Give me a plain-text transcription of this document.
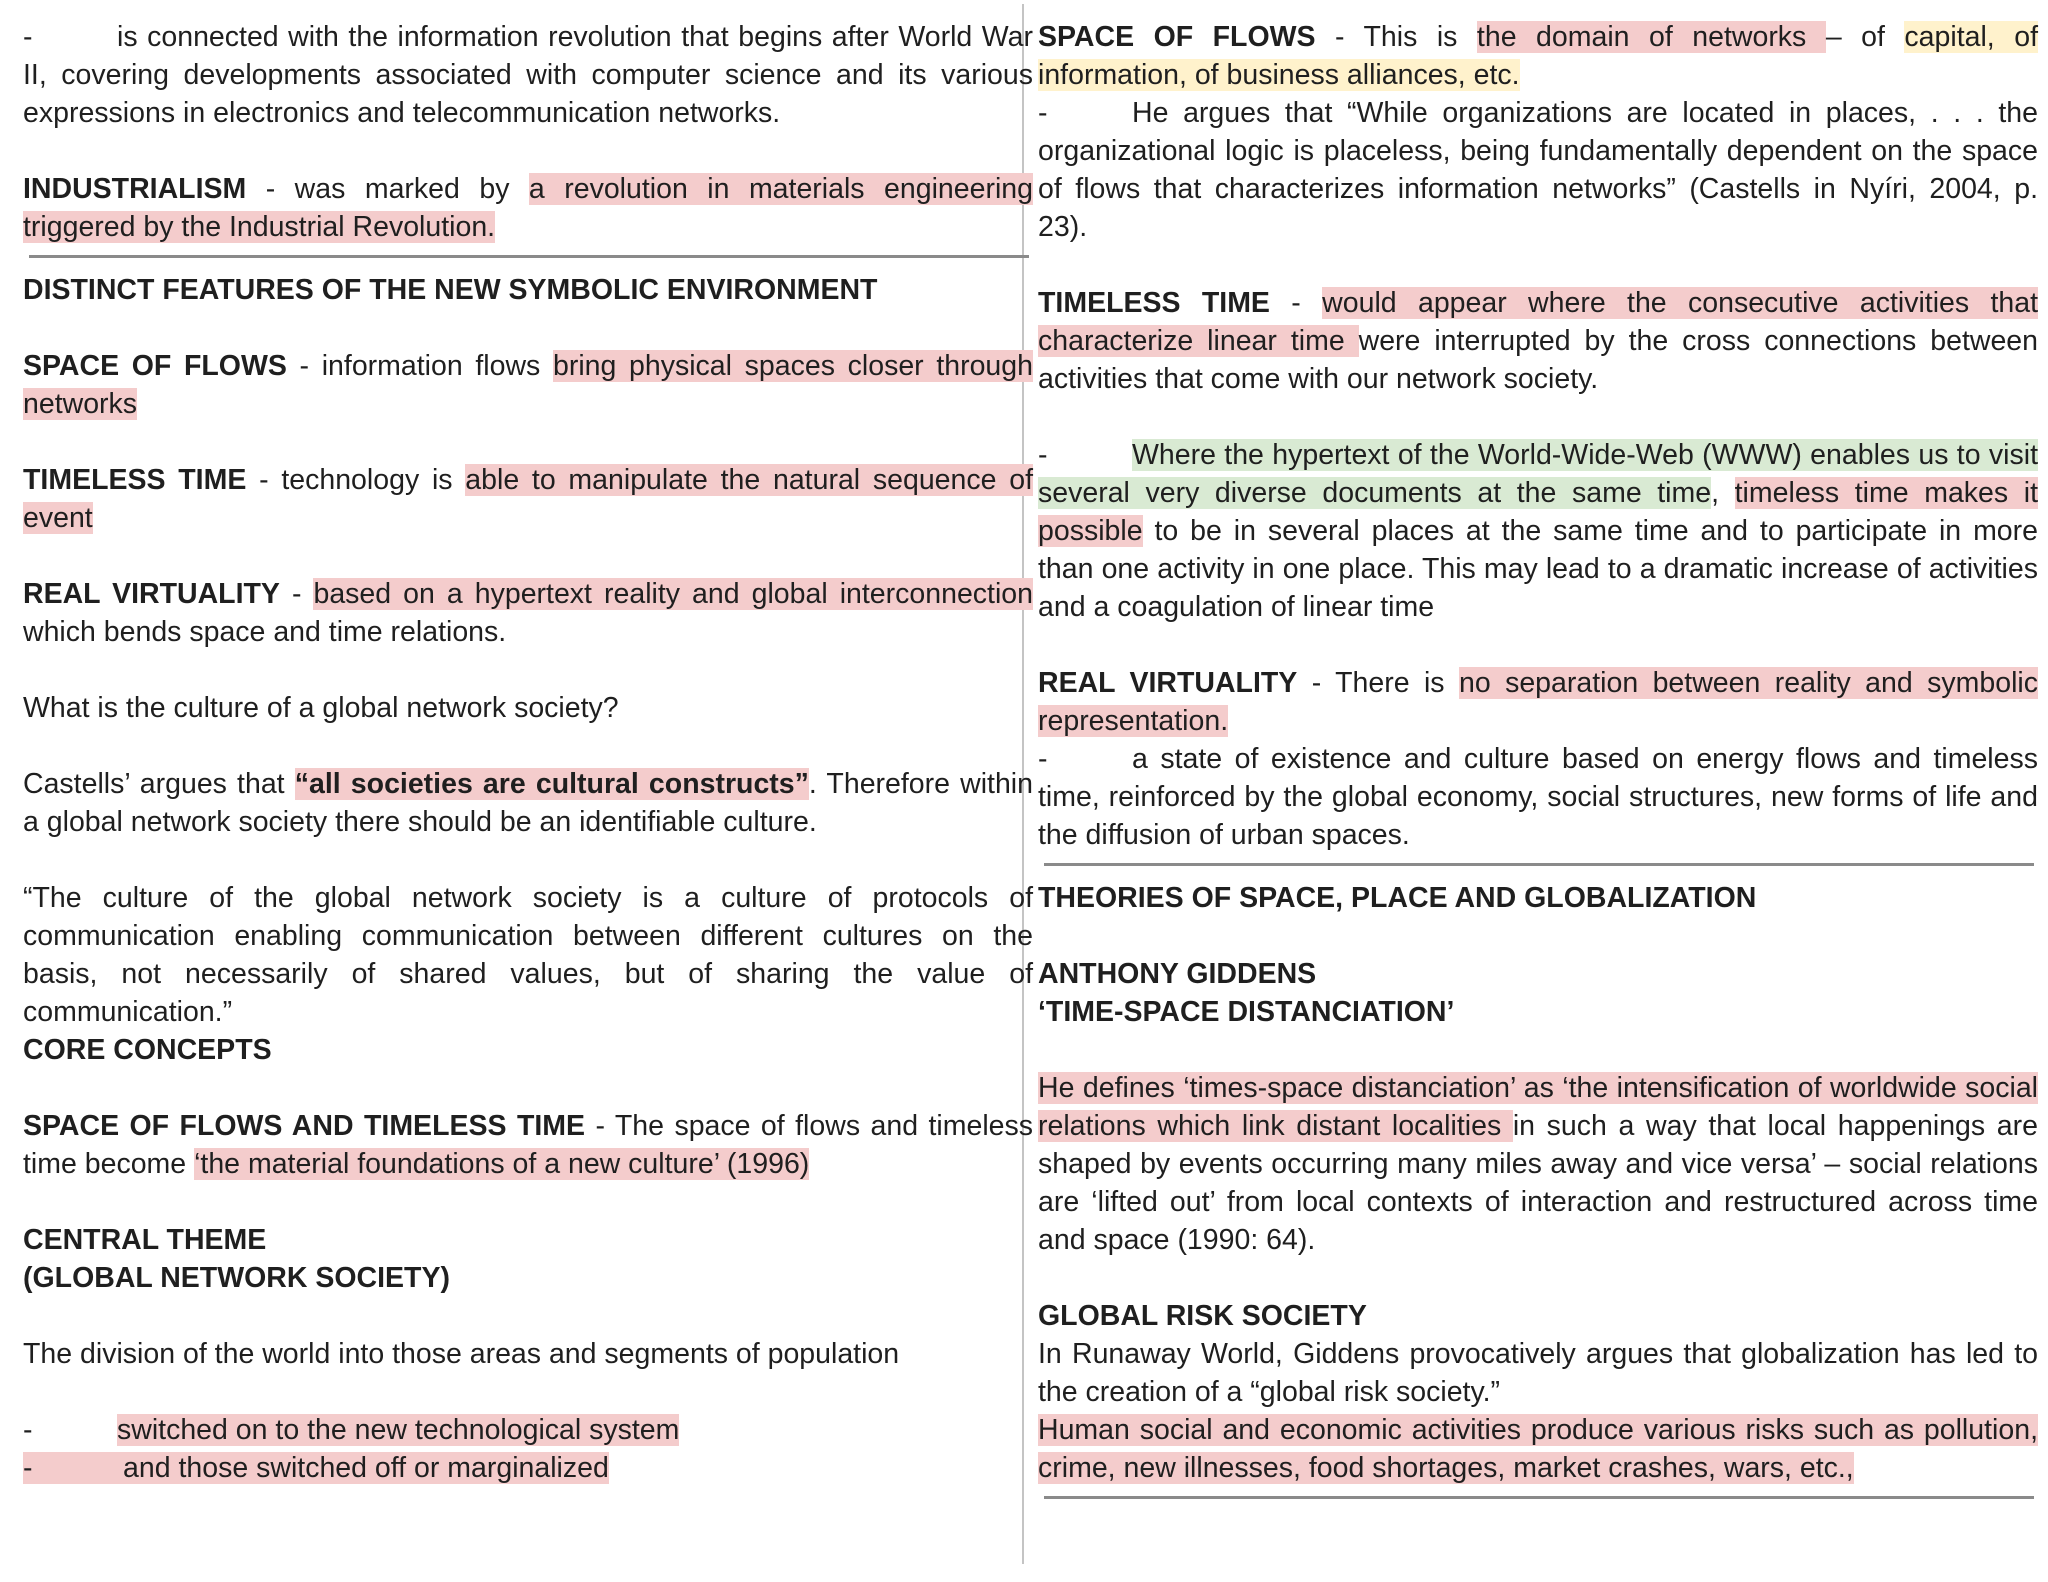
-	is connected with the information revolution that begins after World War II, covering developments associated with computer science and its various expressions in electronics and telecommunication networks.

INDUSTRIALISM - was marked by a revolution in materials engineering triggered by the Industrial Revolution.

DISTINCT FEATURES OF THE NEW SYMBOLIC ENVIRONMENT

SPACE OF FLOWS - information flows bring physical spaces closer through networks

TIMELESS TIME - technology is able to manipulate the natural sequence of event

REAL VIRTUALITY - based on a hypertext reality and global interconnection which bends space and time relations.

What is the culture of a global network society?

Castells’ argues that “all societies are cultural constructs”. Therefore within a global network society there should be an identifiable culture.

“The culture of the global network society is a culture of protocols of communication enabling communication between different cultures on the basis, not necessarily of shared values, but of sharing the value of communication.”

CORE CONCEPTS

SPACE OF FLOWS AND TIMELESS TIME - The space of flows and timeless time become ‘the material foundations of a new culture’ (1996)

CENTRAL THEME

(GLOBAL NETWORK SOCIETY)

The division of the world into those areas and segments of population

-	switched on to the new technological system

-	and those switched off or marginalized

SPACE OF FLOWS - This is the domain of networks – of capital, of information, of business alliances, etc.

-	He argues that “While organizations are located in places, . . . the organizational logic is placeless, being fundamentally dependent on the space of flows that characterizes information networks” (Castells in Nyíri, 2004, p. 23).

TIMELESS TIME - would appear where the consecutive activities that characterize linear time were interrupted by the cross connections between activities that come with our network society.

-	Where the hypertext of the World-Wide-Web (WWW) enables us to visit several very diverse documents at the same time, timeless time makes it possible to be in several places at the same time and to participate in more than one activity in one place. This may lead to a dramatic increase of activities and a coagulation of linear time

REAL VIRTUALITY - There is no separation between reality and symbolic representation.

-	a state of existence and culture based on energy flows and timeless time, reinforced by the global economy, social structures, new forms of life and the diffusion of urban spaces.

THEORIES OF SPACE, PLACE AND GLOBALIZATION

ANTHONY GIDDENS

‘TIME-SPACE DISTANCIATION’

He defines ‘times-space distanciation’ as ‘the intensification of worldwide social relations which link distant localities in such a way that local happenings are shaped by events occurring many miles away and vice versa’ – social relations are ‘lifted out’ from local contexts of interaction and restructured across time and space (1990: 64).

GLOBAL RISK SOCIETY

In Runaway World, Giddens provocatively argues that globalization has led to the creation of a “global risk society.”

Human social and economic activities produce various risks such as pollution, crime, new illnesses, food shortages, market crashes, wars, etc.,
